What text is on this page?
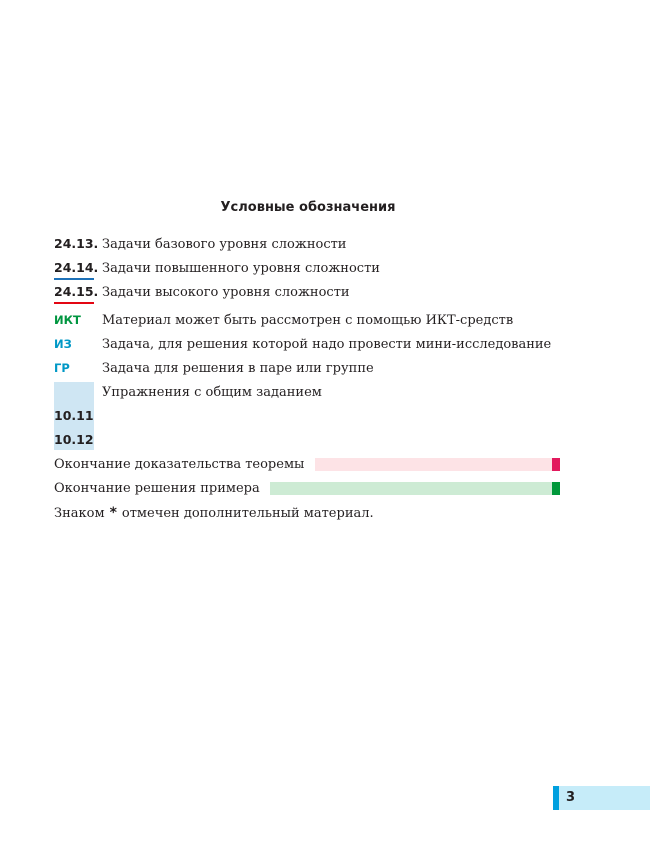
Условные обозначения
24.13. Задачи базового уровня сложности
24.14. Задачи повышенного уровня сложности
24.15. Задачи высокого уровня сложности
ИКТ	Материал может быть рассмотрен с помощью ИКТ-средств
ИЗ	Задача, для решения которой надо провести мини-исследование
ГР	Задача для решения в паре или группе
Упражнения с общим заданием
10.11
10.12
Окончание доказательства теоремы
Окончание решения примера
Знаком * отмечен дополнительный материал.
3
